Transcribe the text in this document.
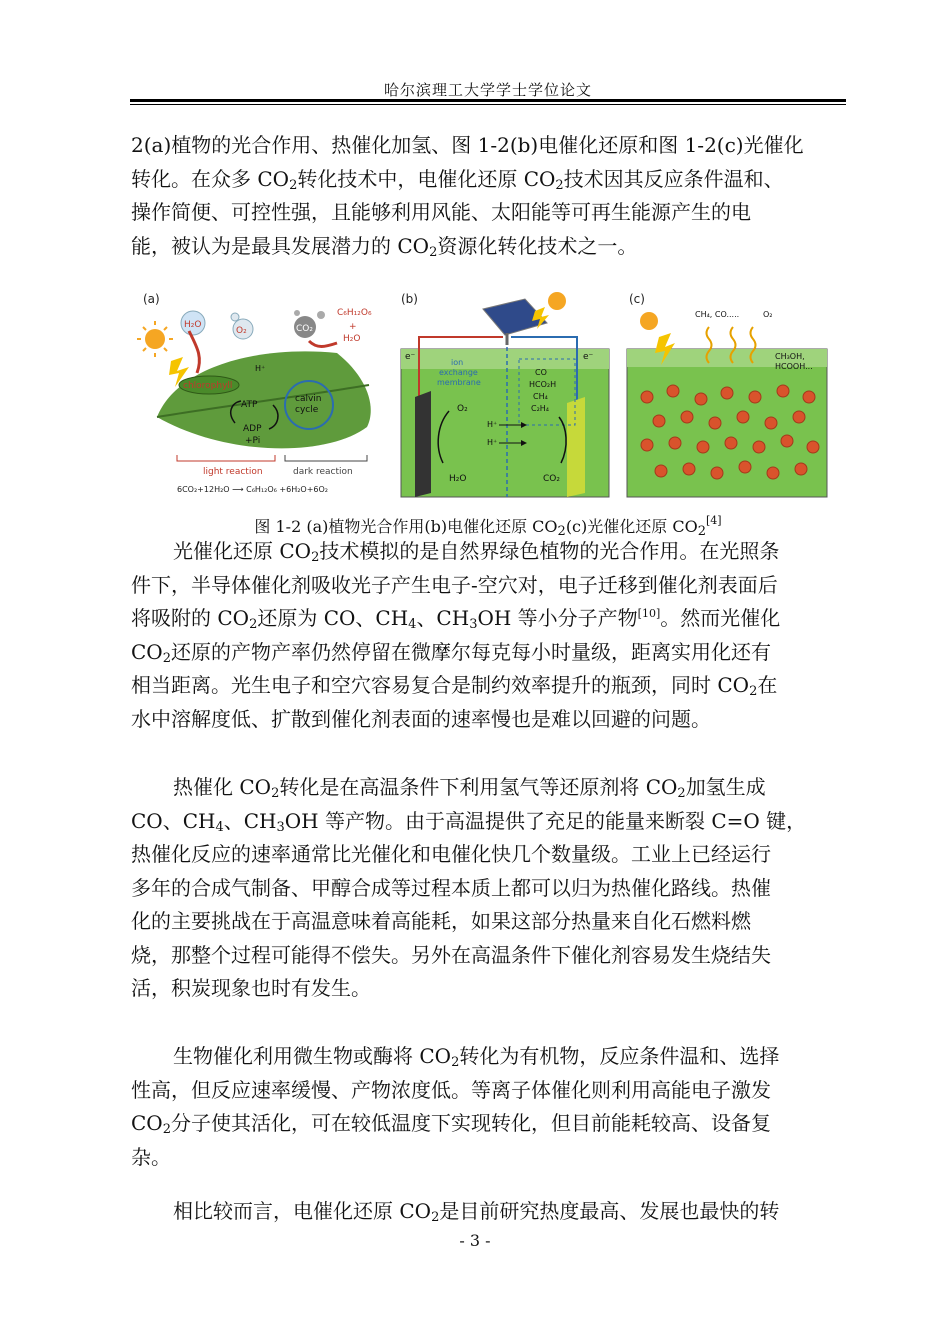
哈尔滨理工大学学士学位论文

2(a)植物的光合作用、热催化加氢、图 1-2(b)电催化还原和图 1-2(c)光催化
转化。在众多 $CO_2$转化技术中，电催化还原 $CO_2$技术因其反应条件温和、
操作简便、可控性强，且能够利用风能、太阳能等可再生能源产生的电
能，被认为是最具发展潜力的 $CO_2$资源化转化技术之一。

(a)
H₂O
O₂	CO₂
C₆H₁₂O₆
+
H₂O
chlorophyll
H⁺
calvin
cycle
ATP
ADP
+Pi
light reaction	dark reaction
6CO₂+12H₂O ⟶ C₆H₁₂O₆ +6H₂O+6O₂
(b)
e⁻	e⁻
ion
exchange
membrane
O₂
CO
HCO₂H
CH₄
C₂H₄
H⁺
H⁺
H₂O	CO₂
(c)
CH₄, CO.....	O₂
CH₃OH,
HCOOH...
图 1-2 (a)植物光合作用(b)电催化还原 $CO_2(c)$光催化还原 $CO_2[4]$

光催化还原 $CO_2$技术模拟的是自然界绿色植物的光合作用。在光照条
件下，半导体催化剂吸收光子产生电子-空穴对，电子迁移到催化剂表面后
将吸附的 $CO_2$还原为 CO、$CH_4$、$CH_3OH$ 等小分子产物[10]。然而光催化
$CO_2$还原的产物产率仍然停留在微摩尔每克每小时量级，距离实用化还有
相当距离。光生电子和空穴容易复合是制约效率提升的瓶颈，同时 $CO_2$在
水中溶解度低、扩散到催化剂表面的速率慢也是难以回避的问题。

热催化 $CO_2$转化是在高温条件下利用氢气等还原剂将 $CO_2$加氢生成
CO、$CH_4$、$CH_3OH$ 等产物。由于高温提供了充足的能量来断裂 C=O 键，
热催化反应的速率通常比光催化和电催化快几个数量级。工业上已经运行
多年的合成气制备、甲醇合成等过程本质上都可以归为热催化路线。热催
化的主要挑战在于高温意味着高能耗，如果这部分热量来自化石燃料燃
烧，那整个过程可能得不偿失。另外在高温条件下催化剂容易发生烧结失
活，积炭现象也时有发生。

生物催化利用微生物或酶将 $CO_2$转化为有机物，反应条件温和、选择
性高，但反应速率缓慢、产物浓度低。等离子体催化则利用高能电子激发
$CO_2$分子使其活化，可在较低温度下实现转化，但目前能耗较高、设备复
杂。

相比较而言，电催化还原 $CO_2$是目前研究热度最高、发展也最快的转

- 3 -
